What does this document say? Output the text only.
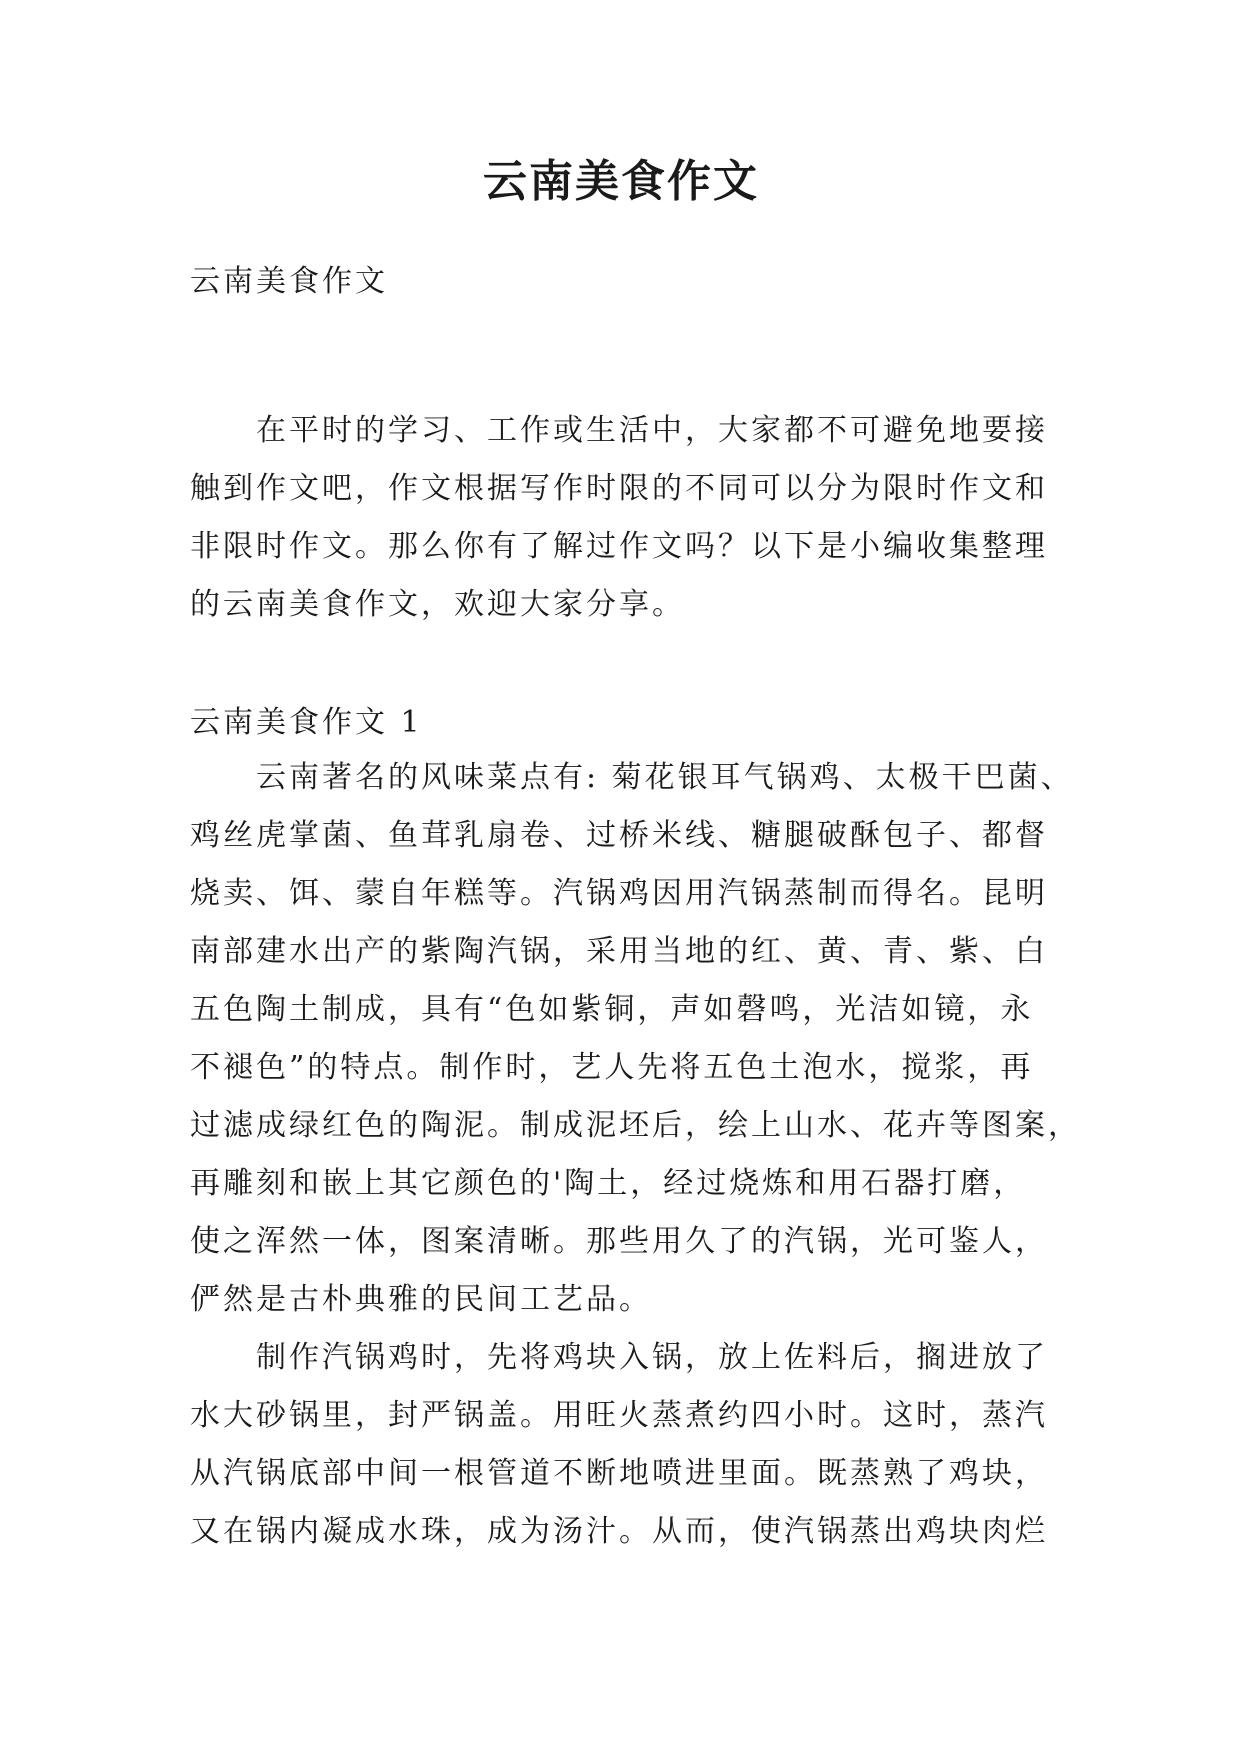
云南美食作文

云南美食作文

在平时的学习、工作或生活中，大家都不可避免地要接
触到作文吧，作文根据写作时限的不同可以分为限时作文和
非限时作文。那么你有了解过作文吗？以下是小编收集整理
的云南美食作文，欢迎大家分享。

云南美食作文 1

云南著名的风味菜点有: 菊花银耳气锅鸡、太极干巴菌、
鸡丝虎掌菌、鱼茸乳扇卷、过桥米线、糖腿破酥包子、都督
烧卖、饵、蒙自年糕等。汽锅鸡因用汽锅蒸制而得名。昆明
南部建水出产的紫陶汽锅，采用当地的红、黄、青、紫、白
五色陶土制成，具有“色如紫铜，声如磬鸣，光洁如镜，永
不褪色”的特点。制作时，艺人先将五色土泡水，搅浆，再
过滤成绿红色的陶泥。制成泥坯后，绘上山水、花卉等图案，
再雕刻和嵌上其它颜色的'陶土，经过烧炼和用石器打磨，
使之浑然一体，图案清晰。那些用久了的汽锅，光可鉴人，
俨然是古朴典雅的民间工艺品。
制作汽锅鸡时，先将鸡块入锅，放上佐料后，搁进放了
水大砂锅里，封严锅盖。用旺火蒸煮约四小时。这时，蒸汽
从汽锅底部中间一根管道不断地喷进里面。既蒸熟了鸡块，
又在锅内凝成水珠，成为汤汁。从而，使汽锅蒸出鸡块肉烂
